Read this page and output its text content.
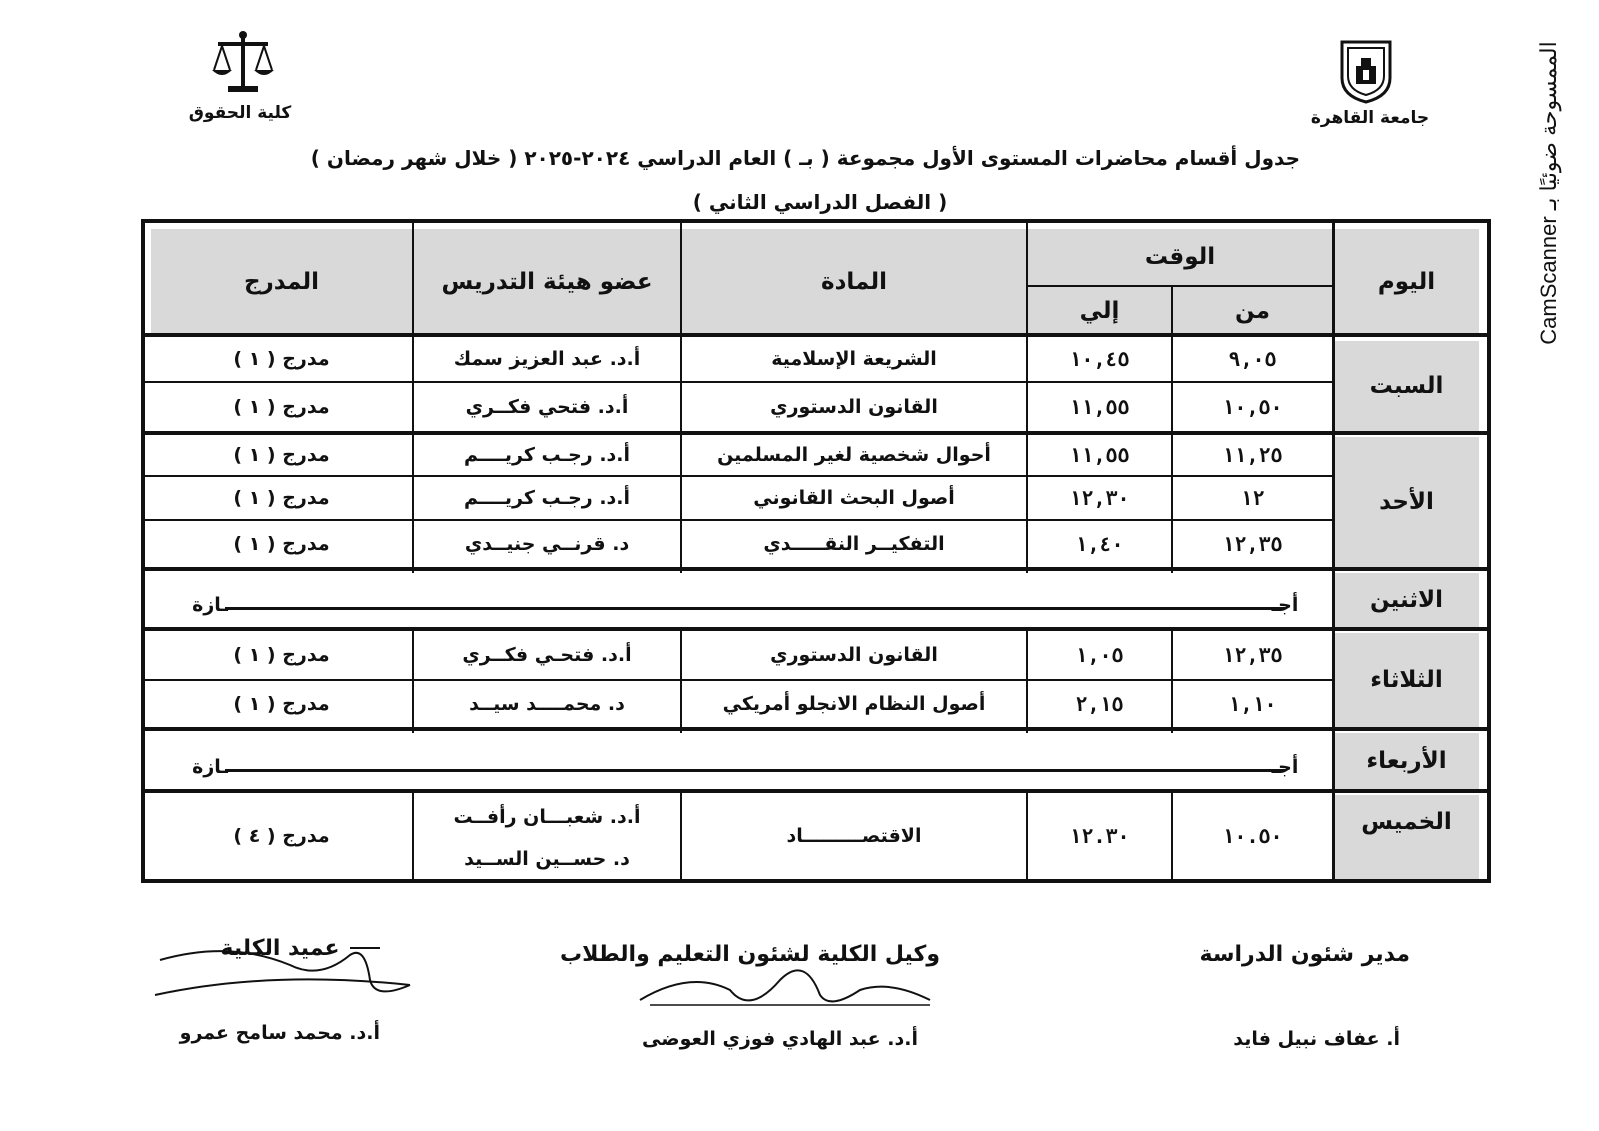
جامعة القاهرة
كلية الحقوق
جدول أقسام محاضرات المستوى الأول مجموعة ( بـ ) العام الدراسي ٢٠٢٤-٢٠٢٥ ( خلال شهر رمضان )
( الفصل الدراسي الثاني )
الممسوحة ضوئيًا بـ CamScanner
اليوم
الوقت
من
إلي
المادة
عضو هيئة التدريس
المدرج
السبت
الأحد
الاثنين
الثلاثاء
الأربعاء
الخميس
٩,٠٥
١٠,٤٥
الشريعة الإسلامية
أ.د. عبد العزيز سمك
مدرج ( ١ )
١٠,٥٠
١١,٥٥
القانون الدستوري
أ.د. فتحي فكــري
مدرج ( ١ )
١١,٢٥
١١,٥٥
أحوال شخصية لغير المسلمين
أ.د. رجـب كريــــم
مدرج ( ١ )
١٢
١٢,٣٠
أصول البحث القانوني
أ.د. رجـب كريــــم
مدرج ( ١ )
١٢,٣٥
١,٤٠
التفكيــر النقـــــدي
د. قرنــي جنيــدي
مدرج ( ١ )
أجـ
ـازة
١٢,٣٥
١,٠٥
القانون الدستوري
أ.د. فتحـي فكــري
مدرج ( ١ )
١,١٠
٢,١٥
أصول النظام الانجلو أمريكي
د. محمــــد سيــد
مدرج ( ١ )
أجـ
ـازة
١٠.٥٠
١٢.٣٠
الاقتصـــــــــاد
أ.د. شعبـــان رأفــت
د. حســين الســيد
مدرج ( ٤ )
مدير شئون الدراسة
أ. عفاف نبيل فايد
وكيل الكلية لشئون التعليم والطلاب
أ.د. عبد الهادي فوزي العوضى
عميد الكلية
أ.د. محمد سامح عمرو
